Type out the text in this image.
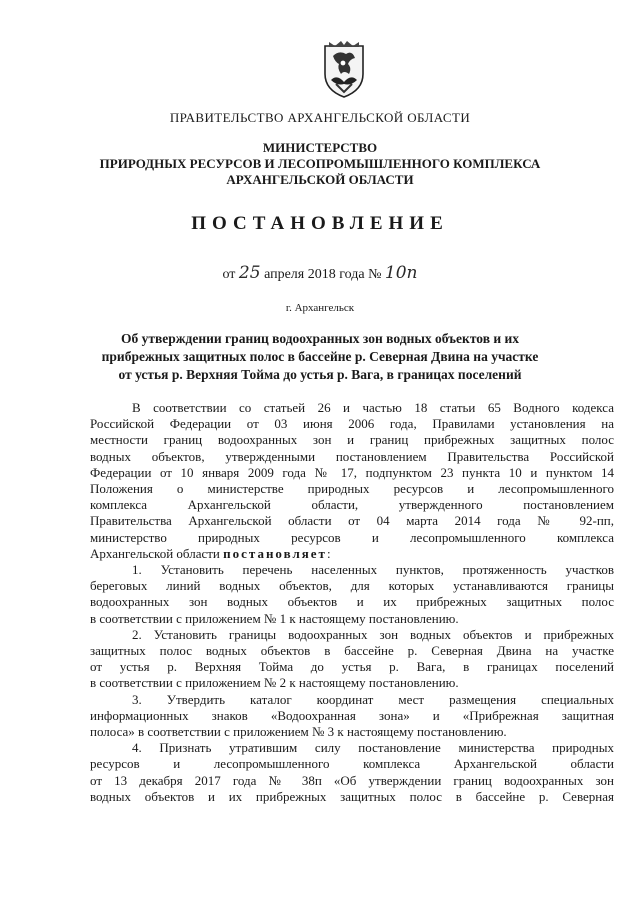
ПРАВИТЕЛЬСТВО АРХАНГЕЛЬСКОЙ ОБЛАСТИ
МИНИСТЕРСТВО
ПРИРОДНЫХ РЕСУРСОВ И ЛЕСОПРОМЫШЛЕННОГО КОМПЛЕКСА
АРХАНГЕЛЬСКОЙ ОБЛАСТИ
ПОСТАНОВЛЕНИЕ
от 25 апреля 2018 года № 10п
г. Архангельск
Об утверждении границ водоохранных зон водных объектов и их
прибрежных защитных полос в бассейне р. Северная Двина на участке
от устья р. Верхняя Тойма до устья р. Вага, в границах поселений
В соответствии со статьей 26 и частью 18 статьи 65 Водного кодекса
Российской Федерации от 03 июня 2006 года, Правилами установления на
местности границ водоохранных зон и границ прибрежных защитных полос
водных объектов, утвержденными постановлением Правительства Российской
Федерации от 10 января 2009 года № 17, подпунктом 23 пункта 10 и пунктом 14
Положения о министерстве природных ресурсов и лесопромышленного
комплекса Архангельской области, утвержденного постановлением
Правительства Архангельской области от 04 марта 2014 года № 92-пп,
министерство природных ресурсов и лесопромышленного комплекса
Архангельской области постановляет:
1. Установить перечень населенных пунктов, протяженность участков
береговых линий водных объектов, для которых устанавливаются границы
водоохранных зон водных объектов и их прибрежных защитных полос
в соответствии с приложением № 1 к настоящему постановлению.
2. Установить границы водоохранных зон водных объектов и прибрежных
защитных полос водных объектов в бассейне р. Северная Двина на участке
от устья р. Верхняя Тойма до устья р. Вага, в границах поселений
в соответствии с приложением № 2 к настоящему постановлению.
3. Утвердить каталог координат мест размещения специальных
информационных знаков «Водоохранная зона» и «Прибрежная защитная
полоса» в соответствии с приложением № 3 к настоящему постановлению.
4. Признать утратившим силу постановление министерства природных
ресурсов и лесопромышленного комплекса Архангельской области
от 13 декабря 2017 года № 38п «Об утверждении границ водоохранных зон
водных объектов и их прибрежных защитных полос в бассейне р. Северная
